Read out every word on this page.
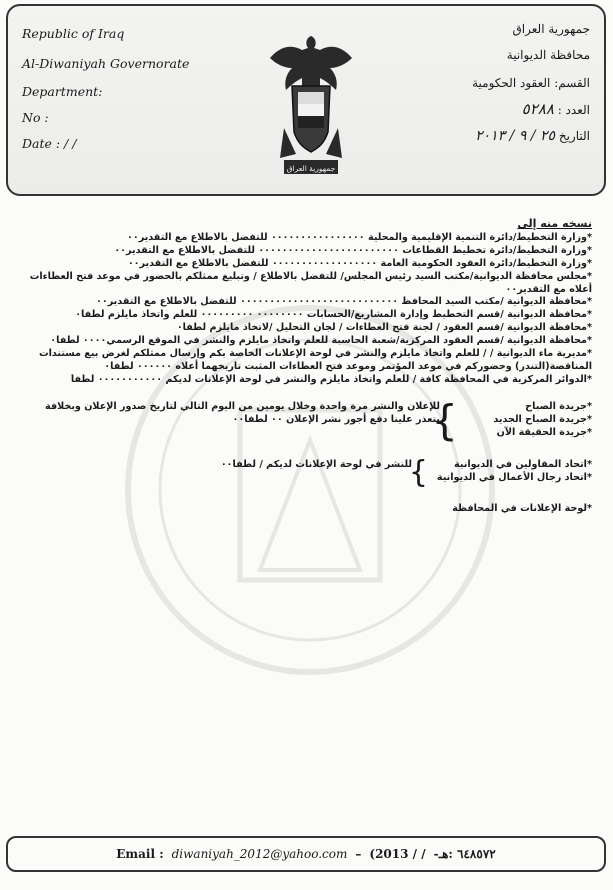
Republic of Iraq
Al-Diwaniyah Governorate
Department:
No :
Date : / /
جمهورية العراق
محافظة الديوانية
القسم: العقود الحكومية
العدد : ٥٢٨٨
التاريخ ٢٥ / ٩ / ٢٠١٣
جمهورية العراق
نسخه منه إلى
*وزارة التخطيط/دائرة التنمية الإقليمية والمحلية ٠٠٠٠٠٠٠٠٠٠٠٠٠٠٠٠ للتفضل بالاطلاع مع التقدير٠٠
*وزارة التخطيط/دائرة تخطيط القطاعات ٠٠٠٠٠٠٠٠٠٠٠٠٠٠٠٠٠٠٠٠٠٠٠٠ للتفضل بالاطلاع مع التقدير٠٠
*وزارة التخطيط/دائرة العقود الحكومية العامة ٠٠٠٠٠٠٠٠٠٠٠٠٠٠٠٠٠٠ للتفضل بالاطلاع مع التقدير٠٠
*مجلس محافظة الديوانية/مكتب السيد رئيس المجلس/ للتفضل بالاطلاع / وتبليغ ممثلكم بالحضور في موعد فتح العطاءات أعلاه مع التقدير٠٠
*محافظة الديوانية /مكتب السيد المحافظ ٠٠٠٠٠٠٠٠٠٠٠٠٠٠٠٠٠٠٠٠٠٠٠٠٠٠٠ للتفضل بالاطلاع مع التقدير٠٠
*محافظة الديوانية /قسم التخطيط وإدارة المشاريع/الحسابات ٠٠٠٠٠٠٠٠ ٠٠٠٠٠٠٠٠٠ للعلم واتخاذ مايلزم لطفا٠
*محافظة الديوانية /قسم العقود / لجنة فتح العطاءات / لجان التحليل /لاتخاذ مايلزم لطفا٠
*محافظة الديوانية /قسم العقود المركزية/شعبة الحاسبة للعلم واتخاذ مايلزم والنشر في الموقع الرسمي٠٠٠٠ لطفا٠
*مديرية ماء الديوانية / / للعلم واتخاذ مايلزم والنشر في لوحة الإعلانات الخاصة بكم وإرسال ممثلكم لغرض بيع مستندات المناقصة(التندر) وحضوركم في موعد المؤتمر وموعد فتح العطاءات المثبت تاريخهما أعلاه ٠٠٠٠٠٠ لطفا٠
*الدوائر المركزية في المحافظة كافة / للعلم واتخاذ مايلزم والنشر في لوحة الإعلانات لديكم ٠٠٠٠٠٠٠٠٠٠٠ لطفاً
*جريدة الصباح
*جريدة الصباح الجديد
*جريدة الحقيقة الآن
}
للإعلان والنشر مرة واحدة وخلال يومين من اليوم التالي لتاريخ صدور الإعلان وبخلافة يتعذر علينا دفع أجور نشر الإعلان ٠٠ لطفا٠٠
*اتحاد المقاولين في الديوانية
*اتحاد رجال الأعمال في الديوانية
}
للنشر في لوحة الإعلانات لديكم / لطفا٠٠
*لوحة الإعلانات في المحافظة
Email : diwaniyah_2012@yahoo.com – (2013 / / -٦٤٨٥٧٢ :هـ
